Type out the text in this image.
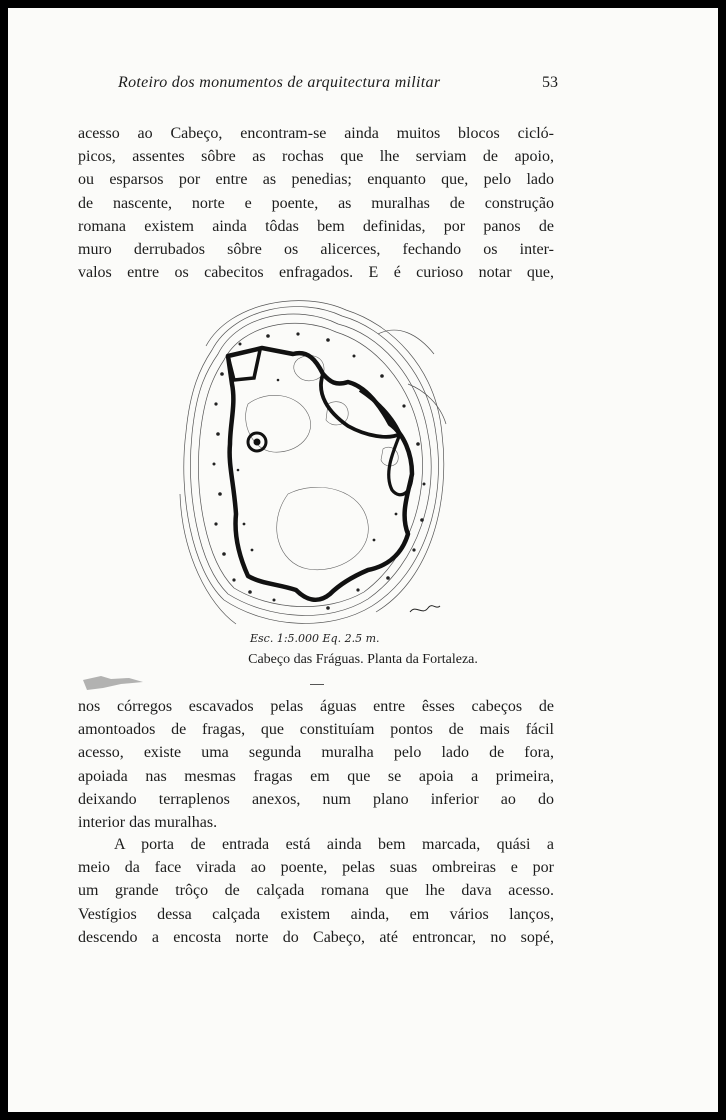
Roteiro dos monumentos de arquitectura militar	53

acesso ao Cabeço, encontram-se ainda muitos blocos cicló-
picos, assentes sôbre as rochas que lhe serviam de apoio,
ou esparsos por entre as penedias; enquanto que, pelo lado
de nascente, norte e poente, as muralhas de construção
romana existem ainda tôdas bem definidas, por panos de
muro derrubados sôbre os alicerces, fechando os inter-
valos entre os cabecitos enfragados. E é curioso notar que,

Esc. 1:5.000 Eq. 2.5 m.
Cabeço das Fráguas. Planta da Fortaleza.

nos córregos escavados pelas águas entre êsses cabeços de
amontoados de fragas, que constituíam pontos de mais fácil
acesso, existe uma segunda muralha pelo lado de fora,
apoiada nas mesmas fragas em que se apoia a primeira,
deixando terraplenos anexos, num plano inferior ao do
interior das muralhas.

A porta de entrada está ainda bem marcada, quási a
meio da face virada ao poente, pelas suas ombreiras e por
um grande trôço de calçada romana que lhe dava acesso.
Vestígios dessa calçada existem ainda, em vários lanços,
descendo a encosta norte do Cabeço, até entroncar, no sopé,
